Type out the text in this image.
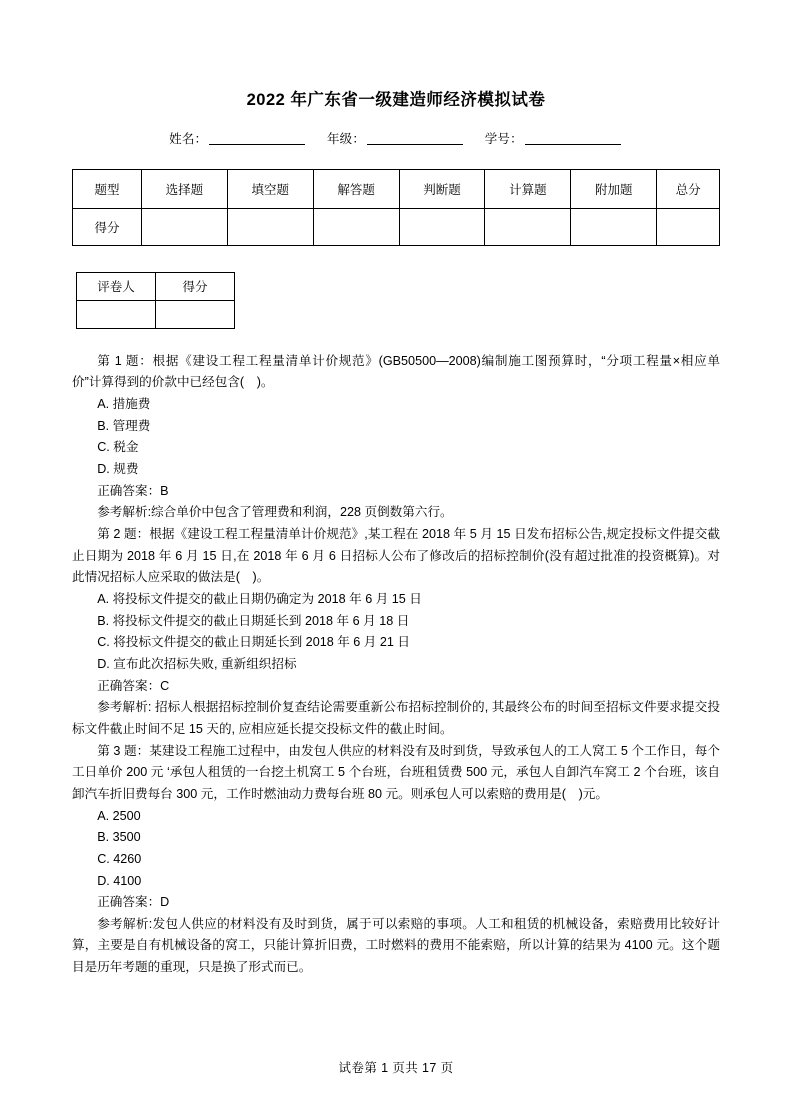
2022 年广东省一级建造师经济模拟试卷
姓名：	年级：	学号：
题型	选择题	填空题	解答题	判断题	计算题	附加题	总分
得分							
评卷人	得分

第 1 题：根据《建设工程工程量清单计价规范》(GB50500—2008)编制施工图预算时，“分项工程量×相应单价”计算得到的价款中已经包含(　)。

A. 措施费

B. 管理费

C. 税金

D. 规费

正确答案：B

参考解析:综合单价中包含了管理费和利润，228 页倒数第六行。

第 2 题：根据《建设工程工程量清单计价规范》,某工程在 2018 年 5 月 15 日发布招标公告,规定投标文件提交截止日期为 2018 年 6 月 15 日,在 2018 年 6 月 6 日招标人公布了修改后的招标控制价(没有超过批准的投资概算)。对此情况招标人应采取的做法是(　)。

A. 将投标文件提交的截止日期仍确定为 2018 年 6 月 15 日

B. 将投标文件提交的截止日期延长到 2018 年 6 月 18 日

C. 将投标文件提交的截止日期延长到 2018 年 6 月 21 日

D. 宣布此次招标失败, 重新组织招标

正确答案：C

参考解析: 招标人根据招标控制价复查结论需要重新公布招标控制价的, 其最终公布的时间至招标文件要求提交投标文件截止时间不足 15 天的, 应相应延长提交投标文件的截止时间。

第 3 题：某建设工程施工过程中，由发包人供应的材料没有及时到货，导致承包人的工人窝工 5 个工作日，每个工日单价 200 元 ‘承包人租赁的一台挖土机窝工 5 个台班，台班租赁费 500 元，承包人自卸汽车窝工 2 个台班，该自卸汽车折旧费每台 300 元，工作时燃油动力费每台班 80 元。则承包人可以索赔的费用是(　)元。

A. 2500

B. 3500

C. 4260

D. 4100

正确答案：D

参考解析:发包人供应的材料没有及时到货，属于可以索赔的事项。人工和租赁的机械设备，索赔费用比较好计算，主要是自有机械设备的窝工，只能计算折旧费，工时燃料的费用不能索赔，所以计算的结果为 4100 元。这个题目是历年考题的重现，只是换了形式而已。

试卷第 1 页共 17 页
